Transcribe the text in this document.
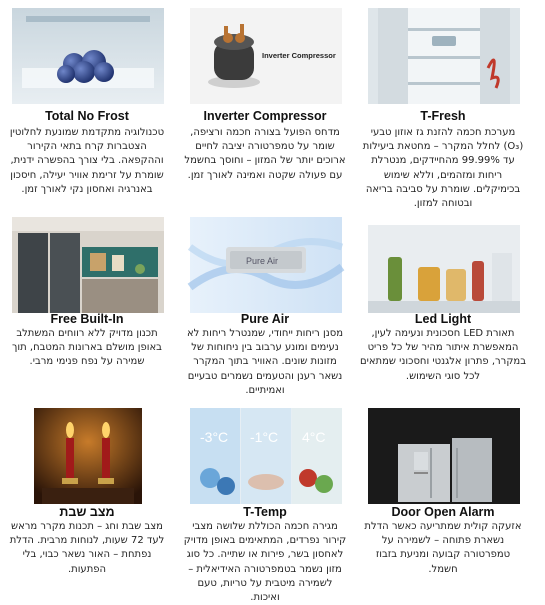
Total No Frost
טכנולוגיה מתקדמת שמונעת לחלוטין הצטברות קרח בתאי הקירור וההקפאה. בלי צורך בהפשרה ידנית, שומרת על זרימת אוויר יעילה, חיסכון באנרגיה ואחסון נקי לאורך זמן.
Inverter Compressor
Inverter Compressor
מדחס הפועל בצורה חכמה ורציפה, שומר על טמפרטורה יציבה לחיים ארוכים יותר של המזון – וחוסך בחשמל עם פעולה שקטה ואמינה לאורך זמן.
T-Fresh
מערכת חכמה להזנת גז אוזון טבעי (O₃) לחלל המקרר – מחטאת ביעילות עד 99.99% מהחיידקים, מנטרלת ריחות ומזהמים, וללא שימוש בכימיקלים. שומרת על סביבה בריאה ובטוחה למזון.
Pure Air
-3°C -1°C 4°C
Free Built-In
תכנון מדויק ללא רווחים המשתלב באופן מושלם בארונות המטבח, תוך שמירה על נפח פנימי מרבי.
Pure Air
מסנן ריחות ייחודי, שמנטרל ריחות לא נעימים ומונע ערבוב בין ניחוחות של מזונות שונים. האוויר בתוך המקרר נשאר רענן והטעמים נשמרים טבעיים ואמיתיים.
Led Light
תאורת LED חסכונית ונעימה לעין, המאפשרת איתור מהיר של כל פריט במקרר, פתרון אלגנטי וחסכוני שמתאים לכל סוגי השימוש.
מצב שבת
מצב שבת וחג – תכנות מקרר מראש לעד 72 שעות, לנוחות מרבית. הדלת נפתחת – האור נשאר כבוי, בלי הפתעות.
T-Temp
מגירה חכמה הכוללת שלושה מצבי קירור נפרדים, המתאימים באופן מדויק לאחסון בשר, פירות או שתייה. כל סוג מזון נשמר בטמפרטורה האידיאלית – לשמירה מיטבית על טריות, טעם ואיכות.
Door Open Alarm
אזעקה קולית שמתריעה כאשר הדלת נשארת פתוחה – לשמירה על טמפרטורה קבועה ומניעת בזבוז חשמל.
